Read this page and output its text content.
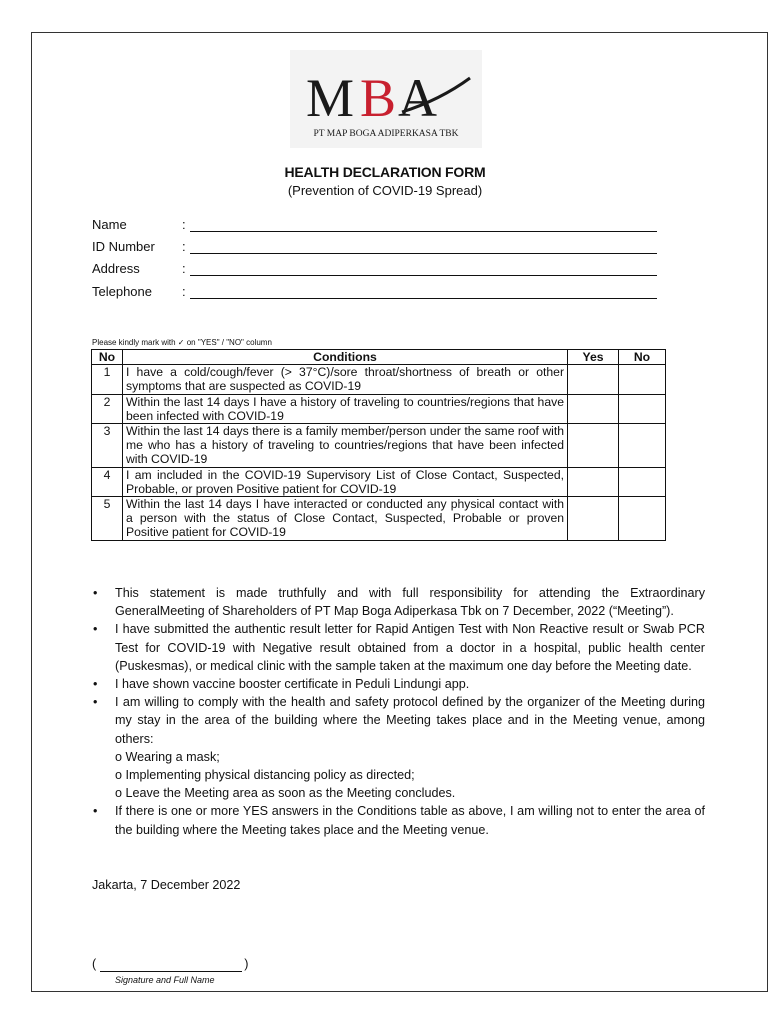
M B A
PT MAP BOGA ADIPERKASA TBK
HEALTH DECLARATION FORM
(Prevention of COVID-19 Spread)
Name	:
ID Number	:
Address	:
Telephone	:
Please kindly mark with ✓ on "YES" / "NO" column
No	Conditions	Yes	No
1	I have a cold/cough/fever (> 37°C)/sore throat/shortness of breath or other symptoms that are suspected as COVID-19		
2	Within the last 14 days I have a history of traveling to countries/regions that have been infected with COVID-19		
3	Within the last 14 days there is a family member/person under the same roof with me who has a history of traveling to countries/regions that have been infected with COVID-19		
4	I am included in the COVID-19 Supervisory List of Close Contact, Suspected, Probable, or proven Positive patient for COVID-19		
5	Within the last 14 days I have interacted or conducted any physical contact with a person with the status of Close Contact, Suspected, Probable or proven Positive patient for COVID-19		
• This statement is made truthfully and with full responsibility for attending the Extraordinary GeneralMeeting of Shareholders of PT Map Boga Adiperkasa Tbk on 7 December, 2022 (“Meeting”).
• I have submitted the authentic result letter for Rapid Antigen Test with Non Reactive result or Swab PCR Test for COVID-19 with Negative result obtained from a doctor in a hospital, public health center (Puskesmas), or medical clinic with the sample taken at the maximum one day before the Meeting date.
• I have shown vaccine booster certificate in Peduli Lindungi app.
• I am willing to comply with the health and safety protocol defined by the organizer of the Meeting during my stay in the area of the building where the Meeting takes place and in the Meeting venue, among others:
o Wearing a mask;
o Implementing physical distancing policy as directed;
o Leave the Meeting area as soon as the Meeting concludes.
• If there is one or more YES answers in the Conditions table as above, I am willing not to enter the area of the building where the Meeting takes place and the Meeting venue.
Jakarta, 7 December 2022
(	)
Signature and Full Name
